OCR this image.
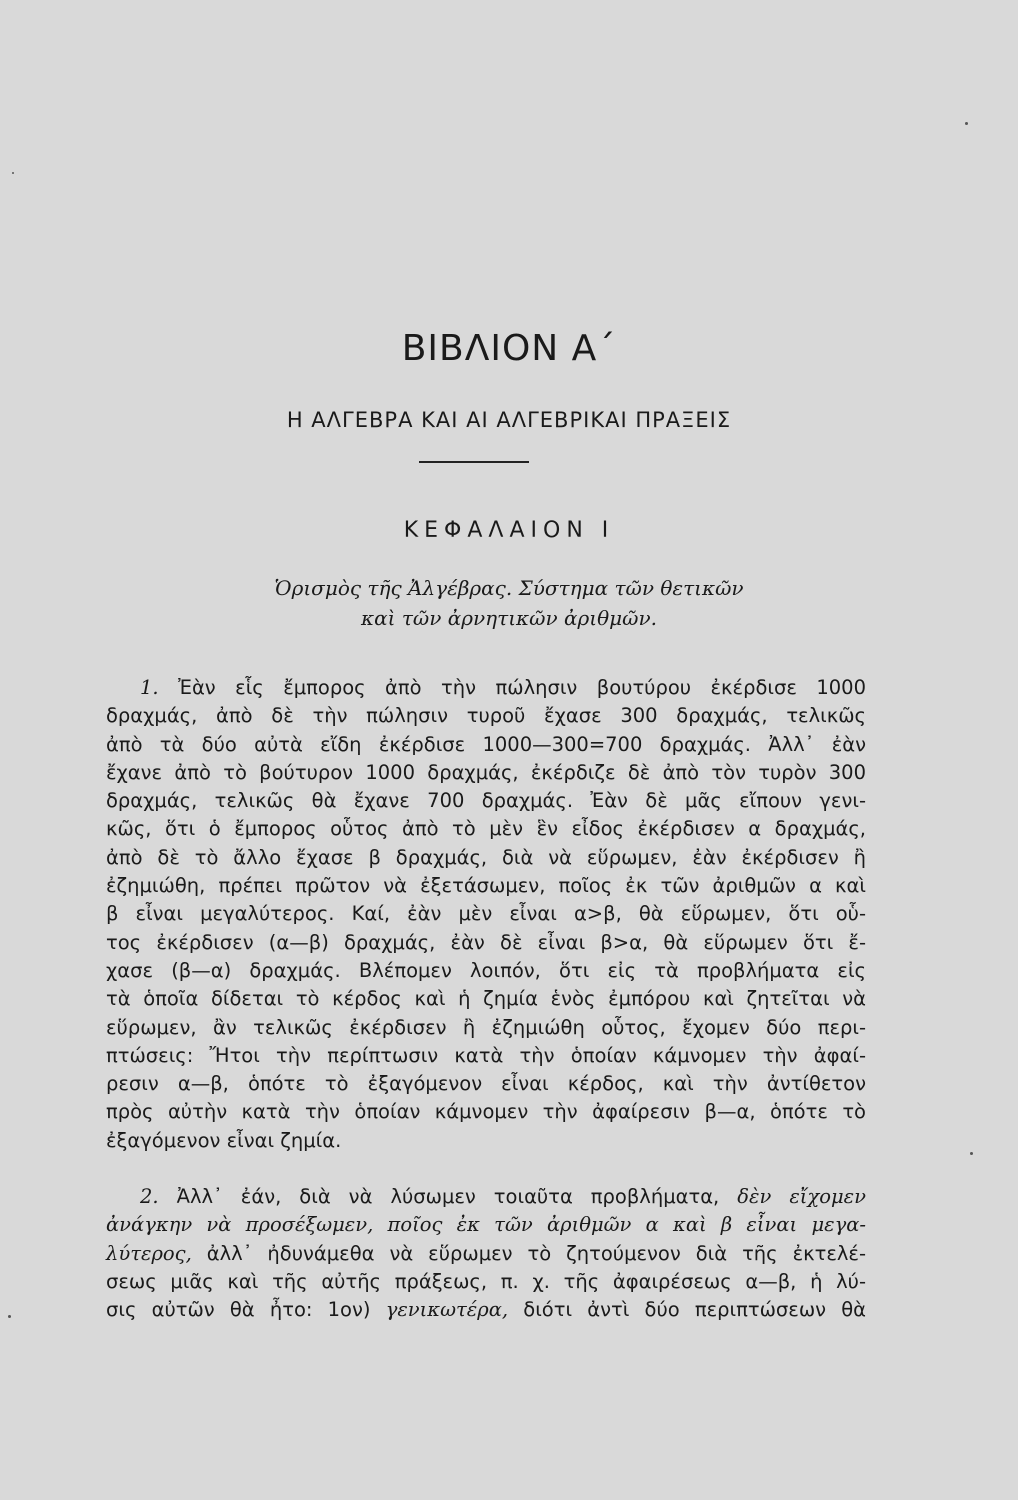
ΒΙΒΛΙΟΝ Α΄
Η ΑΛΓΕΒΡΑ ΚΑΙ ΑΙ ΑΛΓΕΒΡΙΚΑΙ ΠΡΑΞΕΙΣ
ΚΕΦΑΛΑΙΟΝ Ι
Ὁρισμὸς τῆς Ἀλγέβρας. Σύστημα τῶν θετικῶν
καὶ τῶν ἀρνητικῶν ἀριθμῶν.
1. Ἐὰν εἷς ἔμπορος ἀπὸ τὴν πώλησιν βουτύρου ἐκέρδισε 1000
δραχμάς, ἀπὸ δὲ τὴν πώλησιν τυροῦ ἔχασε 300 δραχμάς, τελικῶς
ἀπὸ τὰ δύο αὐτὰ εἴδη ἐκέρδισε 1000—300=700 δραχμάς. Ἀλλ᾽ ἐὰν
ἔχανε ἀπὸ τὸ βούτυρον 1000 δραχμάς, ἐκέρδιζε δὲ ἀπὸ τὸν τυρὸν 300
δραχμάς, τελικῶς θὰ ἔχανε 700 δραχμάς. Ἐὰν δὲ μᾶς εἴπουν γενι-
κῶς, ὅτι ὁ ἔμπορος οὗτος ἀπὸ τὸ μὲν ἓν εἶδος ἐκέρδισεν α δραχμάς,
ἀπὸ δὲ τὸ ἄλλο ἔχασε β δραχμάς, διὰ νὰ εὕρωμεν, ἐὰν ἐκέρδισεν ἢ
ἐζημιώθη, πρέπει πρῶτον νὰ ἐξετάσωμεν, ποῖος ἐκ τῶν ἀριθμῶν α καὶ
β εἶναι μεγαλύτερος. Καί, ἐὰν μὲν εἶναι α>β, θὰ εὕρωμεν, ὅτι οὗ-
τος ἐκέρδισεν (α—β) δραχμάς, ἐὰν δὲ εἶναι β>α, θὰ εὕρωμεν ὅτι ἔ-
χασε (β—α) δραχμάς. Βλέπομεν λοιπόν, ὅτι εἰς τὰ προβλήματα εἰς
τὰ ὁποῖα δίδεται τὸ κέρδος καὶ ἡ ζημία ἑνὸς ἐμπόρου καὶ ζητεῖται νὰ
εὕρωμεν, ἂν τελικῶς ἐκέρδισεν ἢ ἐζημιώθη οὗτος, ἔχομεν δύο περι-
πτώσεις: Ἤτοι τὴν περίπτωσιν κατὰ τὴν ὁποίαν κάμνομεν τὴν ἀφαί-
ρεσιν α—β, ὁπότε τὸ ἐξαγόμενον εἶναι κέρδος, καὶ τὴν ἀντίθετον
πρὸς αὐτὴν κατὰ τὴν ὁποίαν κάμνομεν τὴν ἀφαίρεσιν β—α, ὁπότε τὸ
ἐξαγόμενον εἶναι ζημία.
2. Ἀλλ᾽ ἐάν, διὰ νὰ λύσωμεν τοιαῦτα προβλήματα, δὲν εἴχομεν
ἀνάγκην νὰ προσέξωμεν, ποῖος ἐκ τῶν ἀριθμῶν α καὶ β εἶναι μεγα-
λύτερος, ἀλλ᾽ ἠδυνάμεθα νὰ εὕρωμεν τὸ ζητούμενον διὰ τῆς ἐκτελέ-
σεως μιᾶς καὶ τῆς αὐτῆς πράξεως, π. χ. τῆς ἀφαιρέσεως α—β, ἡ λύ-
σις αὐτῶν θὰ ἦτο: 1ον) γενικωτέρα, διότι ἀντὶ δύο περιπτώσεων θὰ
